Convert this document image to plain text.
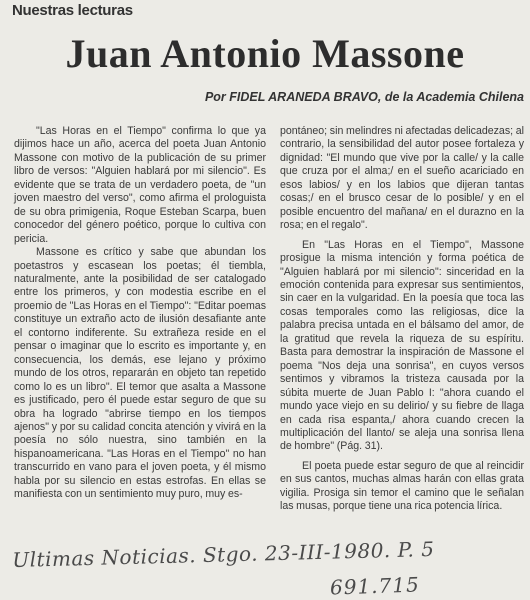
Nuestras lecturas
Juan Antonio Massone
Por FIDEL ARANEDA BRAVO, de la Academia Chilena

"Las Horas en el Tiempo" confirma lo que ya dijimos hace un año, acerca del poeta Juan Antonio Massone con motivo de la publicación de su primer libro de versos: "Alguien hablará por mi silencio". Es evidente que se trata de un verdadero poeta, de "un joven maestro del verso", como afirma el prologuista de su obra primigenia, Roque Esteban Scarpa, buen conocedor del género poético, porque lo cultiva con pericia.

Massone es crítico y sabe que abundan los poetastros y escasean los poetas; él tiembla, naturalmente, ante la posibilidad de ser catalogado entre los primeros, y con modestia escribe en el proemio de "Las Horas en el Tiempo": "Editar poemas constituye un extraño acto de ilusión desafiante ante el contorno indiferente. Su extrañeza reside en el pensar o imaginar que lo escrito es importante y, en consecuencia, los demás, ese lejano y próximo mundo de los otros, repararán en objeto tan repetido como lo es un libro". El temor que asalta a Massone es justificado, pero él puede estar seguro de que su obra ha logrado "abrirse tiempo en los tiempos ajenos" y por su calidad concita atención y vivirá en la poesía no sólo nuestra, sino también en la hispanoamericana. "Las Horas en el Tiempo" no han transcurrido en vano para el joven poeta, y él mismo habla por su silencio en estas estrofas. En ellas se manifiesta con un sentimiento muy puro, muy es-

pontáneo; sin melindres ni afectadas delicadezas; al contrario, la sensibilidad del autor posee fortaleza y dignidad: "El mundo que vive por la calle/ y la calle que cruza por el alma;/ en el sueño acariciado en esos labios/ y en los labios que dijeran tantas cosas;/ en el brusco cesar de lo posible/ y en el posible encuentro del mañana/ en el durazno en la rosa; en el regalo".

En "Las Horas en el Tiempo", Massone prosigue la misma intención y forma poética de "Alguien hablará por mi silencio": sinceridad en la emoción contenida para expresar sus sentimientos, sin caer en la vulgaridad. En la poesía que toca las cosas temporales como las religiosas, dice la palabra precisa untada en el bálsamo del amor, de la gratitud que revela la riqueza de su espíritu. Basta para demostrar la inspiración de Massone el poema "Nos deja una sonrisa", en cuyos versos sentimos y vibramos la tristeza causada por la súbita muerte de Juan Pablo I: "ahora cuando el mundo yace viejo en su delirio/ y su fiebre de llaga en cada risa espanta,/ ahora cuando crecen la multiplicación del llanto/ se aleja una sonrisa llena de hombre" (Pág. 31).

El poeta puede estar seguro de que al reincidir en sus cantos, muchas almas harán con ellas grata vigilia. Prosiga sin temor el camino que le señalan las musas, porque tiene una rica potencia lírica.

Ultimas Noticias. Stgo. 23-III-1980. P. 5
691.715
